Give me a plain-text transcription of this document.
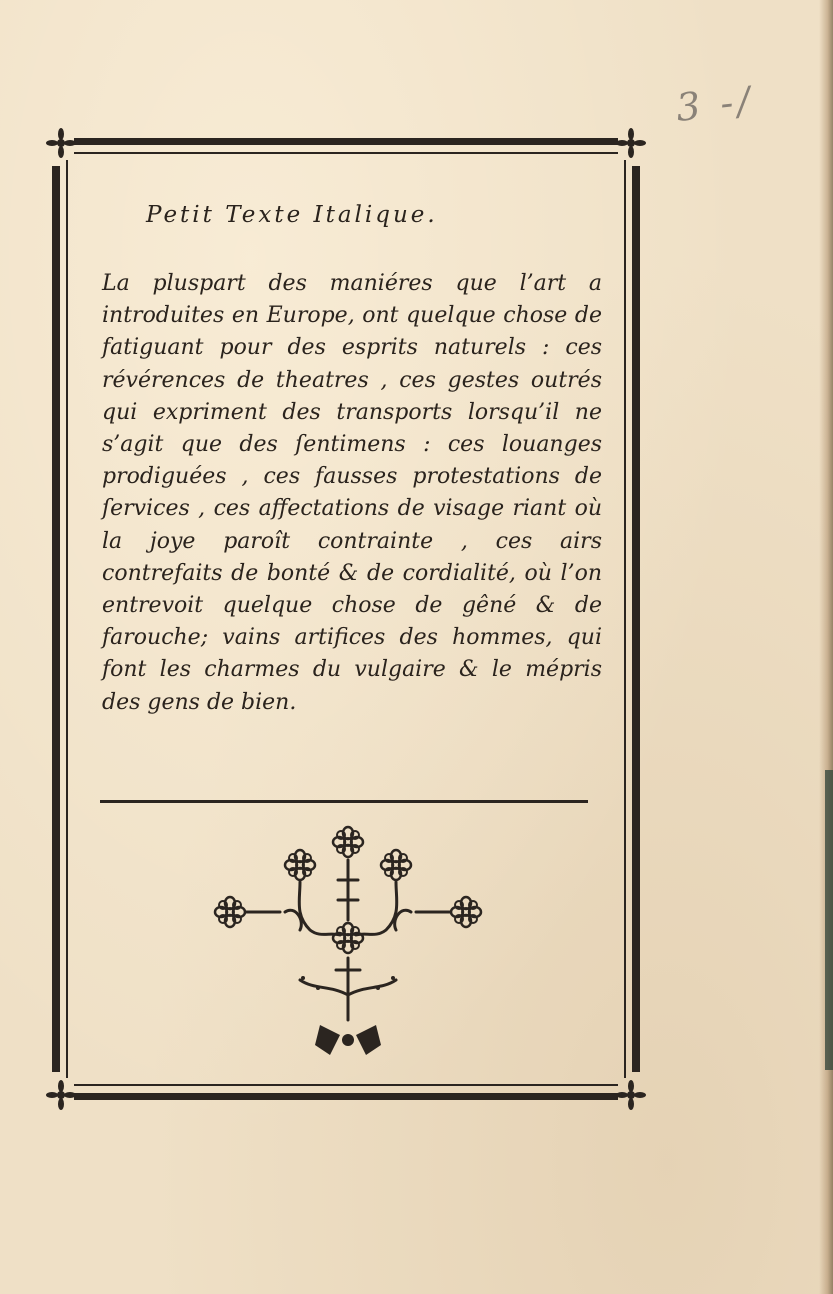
3 -/
Petit Texte Italique.
La pluspart des maniéres que l’art a introduites en Europe, ont quelque chose de fatiguant pour des esprits naturels : ces révérences de theatres , ces gestes outrés qui expriment des transports lorsqu’il ne s’agit que des ſentimens : ces louanges prodiguées , ces fausses protestations de ſervices , ces affectations de visage riant où la joye paroît contrainte , ces airs contrefaits de bonté & de cordialité, où l’on entrevoit quelque chose de gêné & de farouche; vains artifices des hommes, qui font les charmes du vulgaire & le mépris des gens de bien.
